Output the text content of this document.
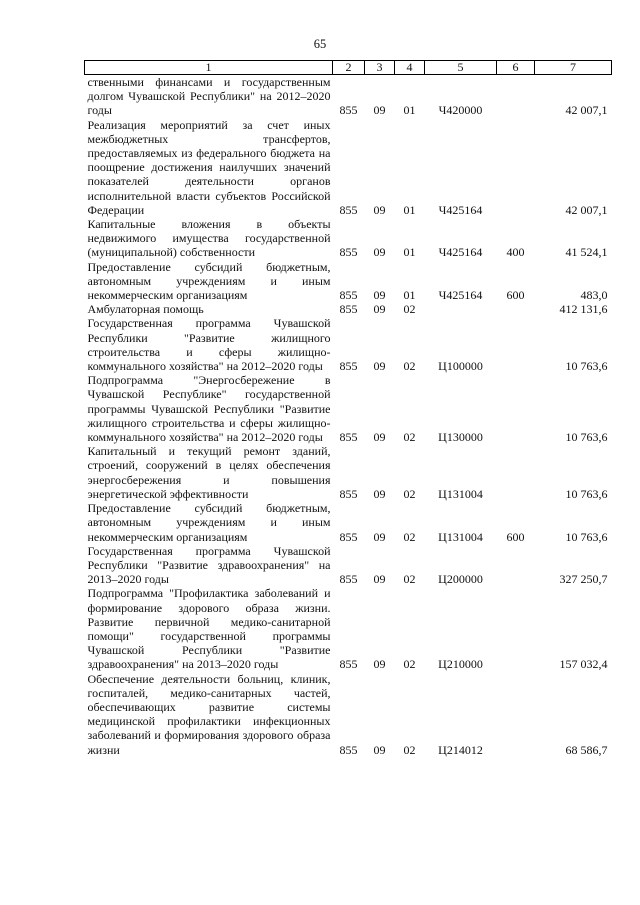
65
1	2	3	4	5	6	7
ственными финансами и государственным долгом Чувашской Республики" на 2012–2020 годы	855	09	01	Ч420000		42 007,1
Реализация мероприятий за счет иных межбюджетных трансфертов, предоставляемых из федерального бюджета на поощрение достижения наилучших значений показателей деятельности органов исполнительной власти субъектов Российской Федерации	855	09	01	Ч425164		42 007,1
Капитальные вложения в объекты недвижимого имущества государственной (муниципальной) собственности	855	09	01	Ч425164	400	41 524,1
Предоставление субсидий бюджетным, автономным учреждениям и иным некоммерческим организациям	855	09	01	Ч425164	600	483,0
Амбулаторная помощь	855	09	02			412 131,6
Государственная программа Чувашской Республики "Развитие жилищного строительства и сферы жилищно-коммунального хозяйства" на 2012–2020 годы	855	09	02	Ц100000		10 763,6
Подпрограмма "Энергосбережение в Чувашской Республике" государственной программы Чувашской Республики "Развитие жилищного строительства и сферы жилищно-коммунального хозяйства" на 2012–2020 годы	855	09	02	Ц130000		10 763,6
Капитальный и текущий ремонт зданий, строений, сооружений в целях обеспечения энергосбережения и повышения энергетической эффективности	855	09	02	Ц131004		10 763,6
Предоставление субсидий бюджетным, автономным учреждениям и иным некоммерческим организациям	855	09	02	Ц131004	600	10 763,6
Государственная программа Чувашской Республики "Развитие здравоохранения" на 2013–2020 годы	855	09	02	Ц200000		327 250,7
Подпрограмма "Профилактика заболеваний и формирование здорового образа жизни. Развитие первичной медико-санитарной помощи" государственной программы Чувашской Республики "Развитие здравоохранения" на 2013–2020 годы	855	09	02	Ц210000		157 032,4
Обеспечение деятельности больниц, клиник, госпиталей, медико-санитарных частей, обеспечивающих развитие системы медицинской профилактики инфекционных заболеваний и формирования здорового образа жизни	855	09	02	Ц214012		68 586,7
